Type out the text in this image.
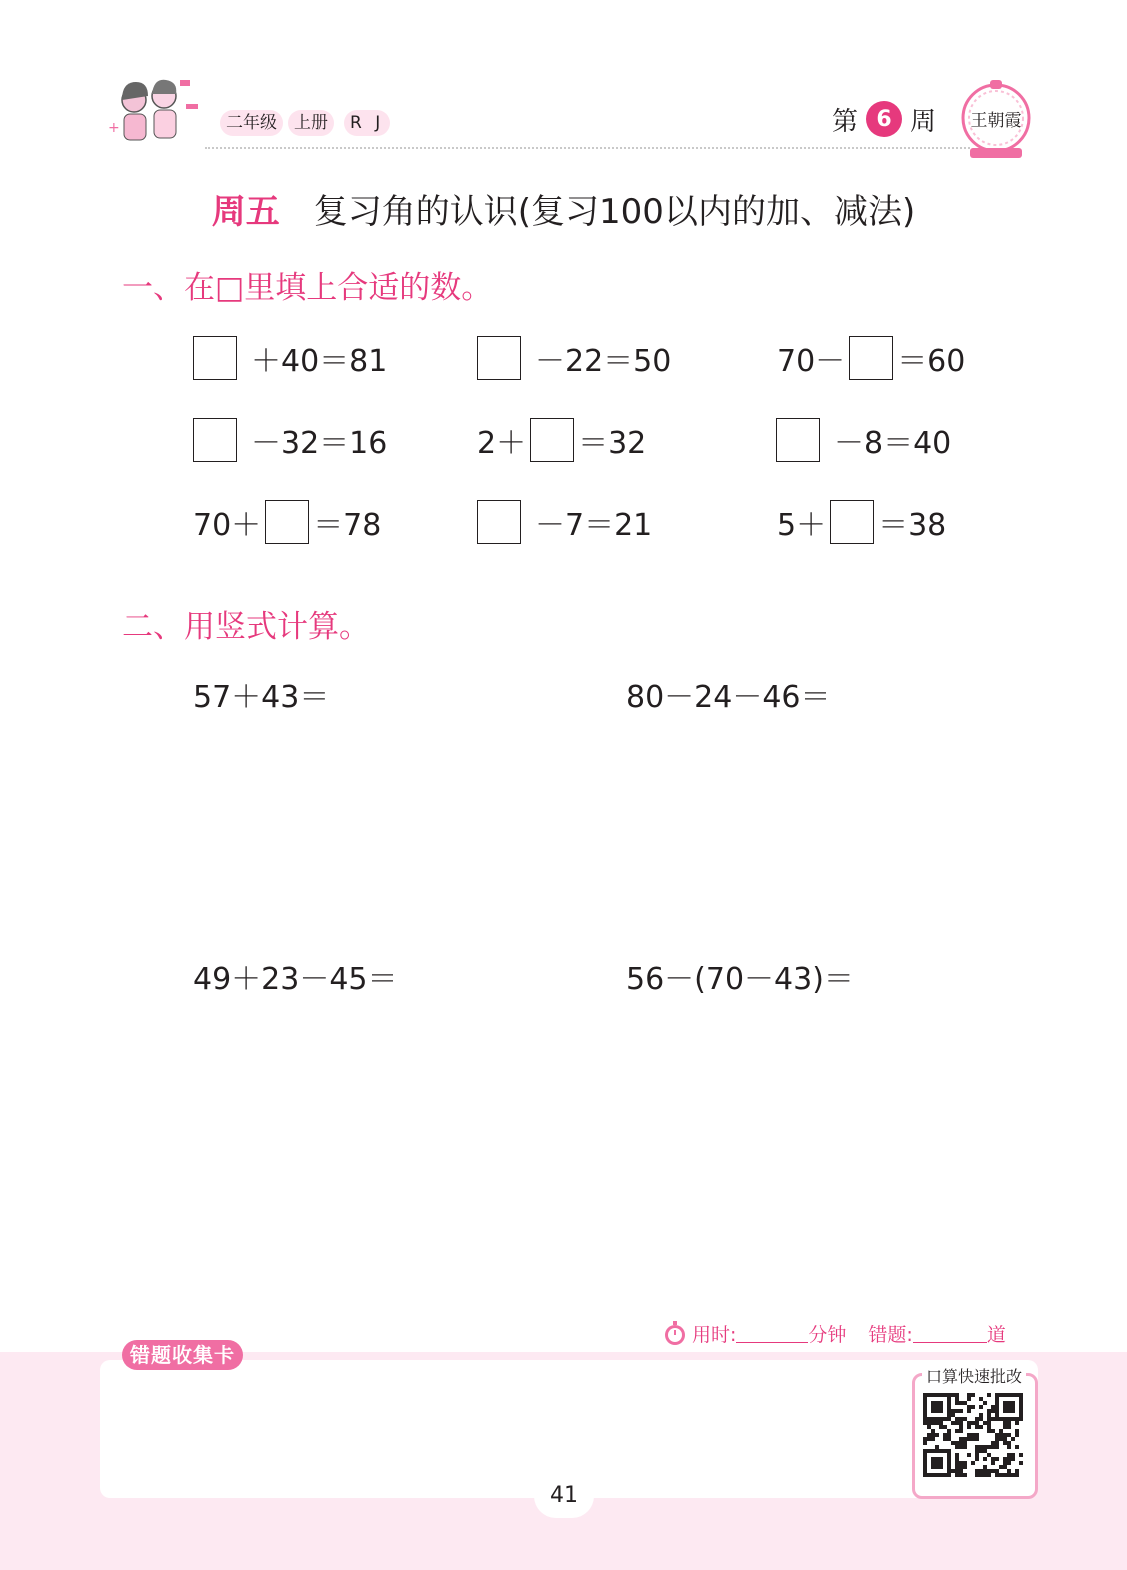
+	二年级	上册	R J	第 6 周 王朝霞
周五 复习角的认识(复习100以内的加、减法)
一、在□里填上合适的数。
＋40＝81	－22＝50	70－ ＝60
－32＝16	2＋ ＝32	－8＝40
70＋ ＝78	－7＝21	5＋ ＝38
二、用竖式计算。
57＋43＝	80－24－46＝
49＋23－45＝	56－(70－43)＝
用时:	分钟 错题:	道
错题收集卡
口算快速批改
41
